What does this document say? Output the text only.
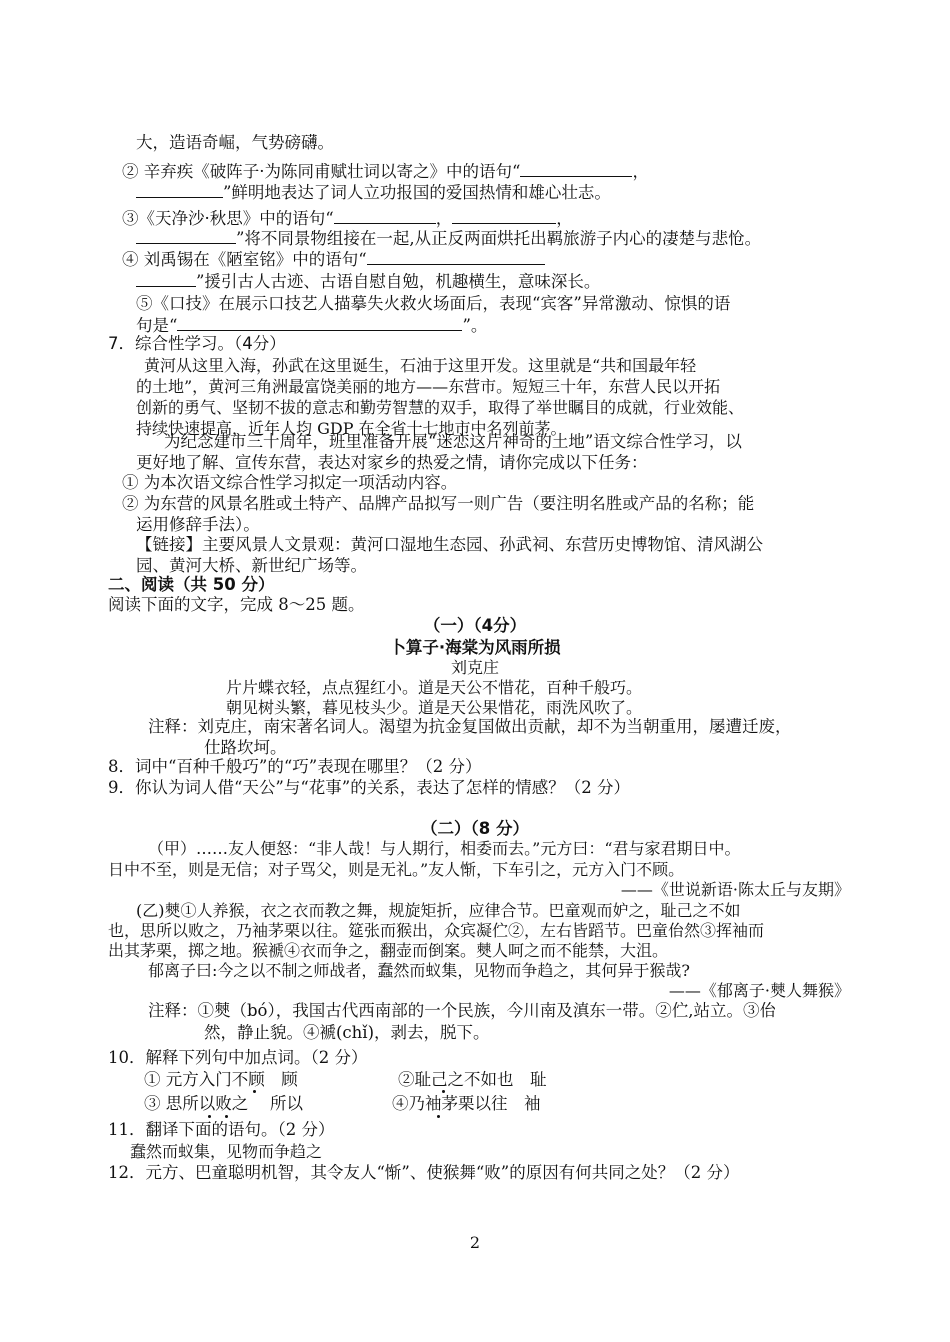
大，造语奇崛，气势磅礴。
② 辛弃疾《破阵子·为陈同甫赋壮词以寄之》中的语句“	，
”鲜明地表达了词人立功报国的爱国热情和雄心壮志。
③《天净沙·秋思》中的语句“	，	，
”将不同景物组接在一起,从正反两面烘托出羁旅游子内心的凄楚与悲怆。
④ 刘禹锡在《陋室铭》中的语句“
”援引古人古迹、古语自慰自勉，机趣横生，意味深长。
⑤《口技》在展示口技艺人描摹失火救火场面后，表现“宾客”异常激动、惊惧的语
句是“	”。
7．综合性学习。（4分）
黄河从这里入海，孙武在这里诞生，石油于这里开发。这里就是“共和国最年轻
的土地”，黄河三角洲最富饶美丽的地方——东营市。短短三十年，东营人民以开拓
创新的勇气、坚韧不拔的意志和勤劳智慧的双手，取得了举世瞩目的成就，行业效能、
持续快速提高，近年人均 GDP 在全省十七地市中名列前茅。
为纪念建市三十周年，班里准备开展“迷恋这片神奇的土地”语文综合性学习，以
更好地了解、宣传东营，表达对家乡的热爱之情，请你完成以下任务：
① 为本次语文综合性学习拟定一项活动内容。
② 为东营的风景名胜或土特产、品牌产品拟写一则广告（要注明名胜或产品的名称；能
运用修辞手法）。
【链接】主要风景人文景观：黄河口湿地生态园、孙武祠、东营历史博物馆、清风湖公
园、黄河大桥、新世纪广场等。
二、阅读（共 50 分）
阅读下面的文字，完成 8～25 题。
（一）（4分）
卜算子·海棠为风雨所损
刘克庄
片片蝶衣轻，点点猩红小。道是天公不惜花，百种千般巧。
朝见树头繁，暮见枝头少。道是天公果惜花，雨洗风吹了。
注释：刘克庄，南宋著名词人。渴望为抗金复国做出贡献，却不为当朝重用，屡遭迁废，
仕路坎坷。
8．词中“百种千般巧”的“巧”表现在哪里？（2 分）
9．你认为词人借“天公”与“花事”的关系，表达了怎样的情感？（2 分）
（二）（8 分）
（甲）……友人便怒：“非人哉！与人期行，相委而去。”元方曰：“君与家君期日中。
日中不至，则是无信；对子骂父，则是无礼。”友人惭，下车引之，元方入门不顾。
——《世说新语·陈太丘与友期》
(乙)僰①人养猴，衣之衣而教之舞，规旋矩折，应律合节。巴童观而妒之，耻己之不如
也，思所以败之，乃袖茅栗以往。筵张而猴出，众宾凝伫②，左右皆蹈节。巴童佁然③挥袖而
出其茅栗，掷之地。猴褫④衣而争之，翻壶而倒案。僰人呵之而不能禁，大沮。
郁离子曰:今之以不制之师战者，蠢然而蚁集，见物而争趋之，其何异于猴哉?
——《郁离子·僰人舞猴》
注释：①僰（bó），我国古代西南部的一个民族，今川南及滇东一带。②伫,站立。③佁
然，静止貌。④褫(chǐ)，剥去，脱下。
10．解释下列句中加点词。（2 分）
① 元方入门不顾　顾	②耻己之不如也　耻
③ 思所以败之　 所以	④乃袖茅栗以往　袖
11．翻译下面的语句。（2 分）
蠢然而蚁集，见物而争趋之
12．元方、巴童聪明机智，其令友人“惭”、使猴舞“败”的原因有何共同之处？（2 分）
2
